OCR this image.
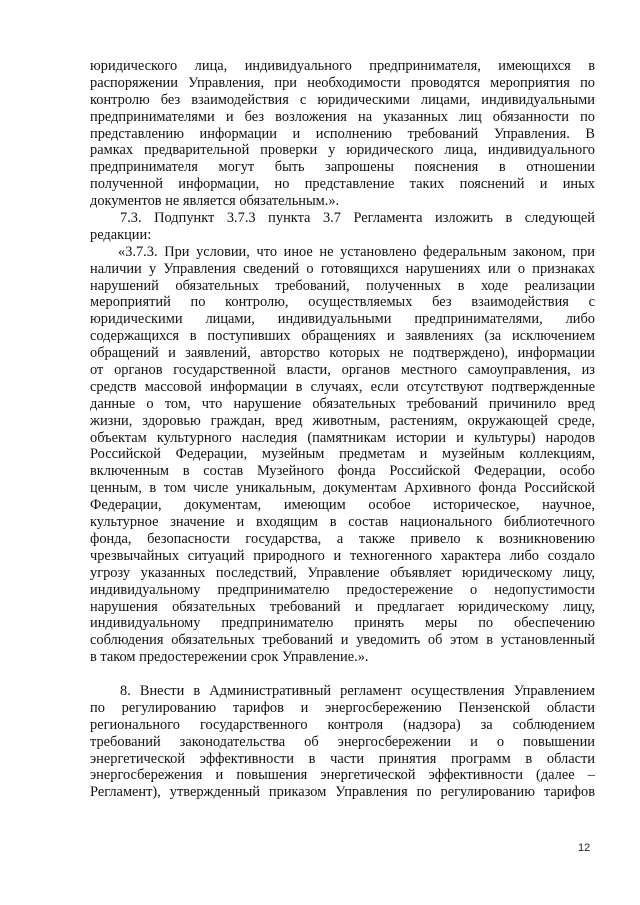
юридического лица, индивидуального предпринимателя, имеющихся в
распоряжении Управления, при необходимости проводятся мероприятия по
контролю без взаимодействия с юридическими лицами, индивидуальными
предпринимателями и без возложения на указанных лиц обязанности по
представлению информации и исполнению требований Управления. В
рамках предварительной проверки у юридического лица, индивидуального
предпринимателя могут быть запрошены пояснения в отношении
полученной информации, но представление таких пояснений и иных
документов не является обязательным.».
7.3. Подпункт 3.7.3 пункта 3.7 Регламента изложить в следующей
редакции:
«3.7.3. При условии, что иное не установлено федеральным законом, при
наличии у Управления сведений о готовящихся нарушениях или о признаках
нарушений обязательных требований, полученных в ходе реализации
мероприятий по контролю, осуществляемых без взаимодействия с
юридическими лицами, индивидуальными предпринимателями, либо
содержащихся в поступивших обращениях и заявлениях (за исключением
обращений и заявлений, авторство которых не подтверждено), информации
от органов государственной власти, органов местного самоуправления, из
средств массовой информации в случаях, если отсутствуют подтвержденные
данные о том, что нарушение обязательных требований причинило вред
жизни, здоровью граждан, вред животным, растениям, окружающей среде,
объектам культурного наследия (памятникам истории и культуры) народов
Российской Федерации, музейным предметам и музейным коллекциям,
включенным в состав Музейного фонда Российской Федерации, особо
ценным, в том числе уникальным, документам Архивного фонда Российской
Федерации, документам, имеющим особое историческое, научное,
культурное значение и входящим в состав национального библиотечного
фонда, безопасности государства, а также привело к возникновению
чрезвычайных ситуаций природного и техногенного характера либо создало
угрозу указанных последствий, Управление объявляет юридическому лицу,
индивидуальному предпринимателю предостережение о недопустимости
нарушения обязательных требований и предлагает юридическому лицу,
индивидуальному предпринимателю принять меры по обеспечению
соблюдения обязательных требований и уведомить об этом в установленный
в таком предостережении срок Управление.».
8. Внести в Административный регламент осуществления Управлением
по регулированию тарифов и энергосбережению Пензенской области
регионального государственного контроля (надзора) за соблюдением
требований законодательства об энергосбережении и о повышении
энергетической эффективности в части принятия программ в области
энергосбережения и повышения энергетической эффективности (далее –
Регламент), утвержденный приказом Управления по регулированию тарифов
12
